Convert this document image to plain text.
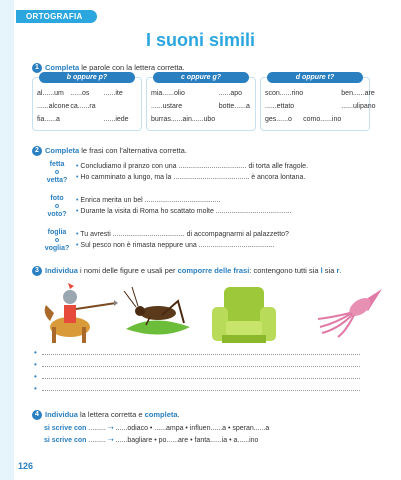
ORTOGRAFIA
I suoni simili
1 Completa le parole con la lettera corretta.
b oppure p?
al......um ......os	......ite
......alcone ca......ra
fia......a	......iede
c oppure g?
mia......olio	......apo
......ustare	botte......a
burras......a in......ubo
d oppure t?
scon......rino	ben......are
......ettato	......ulipano
ges......o	como......ino
2 Completa le frasi con l'alternativa corretta.
fetta
o
vetta?
• Concludiamo il pranzo con una ................................... di torta alle fragole.
• Ho camminato a lungo, ma la ....................................... è ancora lontana.
foto
o
voto?
• Enrica merita un bel .......................................
• Durante la visita di Roma ho scattato molte .......................................
foglia
o
voglia?
• Tu avresti ..................................... di accompagnarmi al palazzetto?
• Sul pesco non è rimasta neppure una .......................................
3 Individua i nomi delle figure e usali per comporre delle frasi: contengono tutti sia l sia r.
•
•
•
•
4 Individua la lettera corretta e completa.
si scrive con ......... ➝ ......odiaco • ......ampa • influen......a • speran......a
si scrive con ......... ➝ ......bagliare • po......are • fanta......ia • a......ino
126
